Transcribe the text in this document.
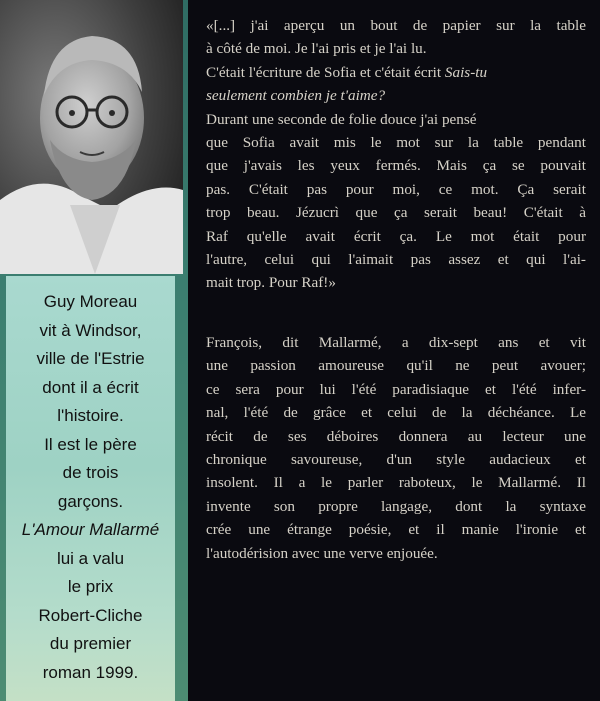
Guy Moreau
vit à Windsor,
ville de l'Estrie
dont il a écrit
l'histoire.
Il est le père
de trois
garçons.
L'Amour Mallarmé
lui a valu
le prix
Robert-Cliche
du premier
roman 1999.
«[...] j'ai aperçu un bout de papier sur la table
à côté de moi. Je l'ai pris et je l'ai lu.
C'était l'écriture de Sofia et c'était écrit Sais-tu
seulement combien je t'aime?
Durant une seconde de folie douce j'ai pensé
que Sofia avait mis le mot sur la table pendant
que j'avais les yeux fermés. Mais ça se pouvait
pas. C'était pas pour moi, ce mot. Ça serait
trop beau. Jézucrì que ça serait beau! C'était à
Raf qu'elle avait écrit ça. Le mot était pour
l'autre, celui qui l'aimait pas assez et qui l'ai-
mait trop. Pour Raf!»
François, dit Mallarmé, a dix-sept ans et vit
une passion amoureuse qu'il ne peut avouer;
ce sera pour lui l'été paradisiaque et l'été infer-
nal, l'été de grâce et celui de la déchéance. Le
récit de ses déboires donnera au lecteur une
chronique savoureuse, d'un style audacieux et
insolent. Il a le parler raboteux, le Mallarmé. Il
invente son propre langage, dont la syntaxe
crée une étrange poésie, et il manie l'ironie et
l'autodérision avec une verve enjouée.
